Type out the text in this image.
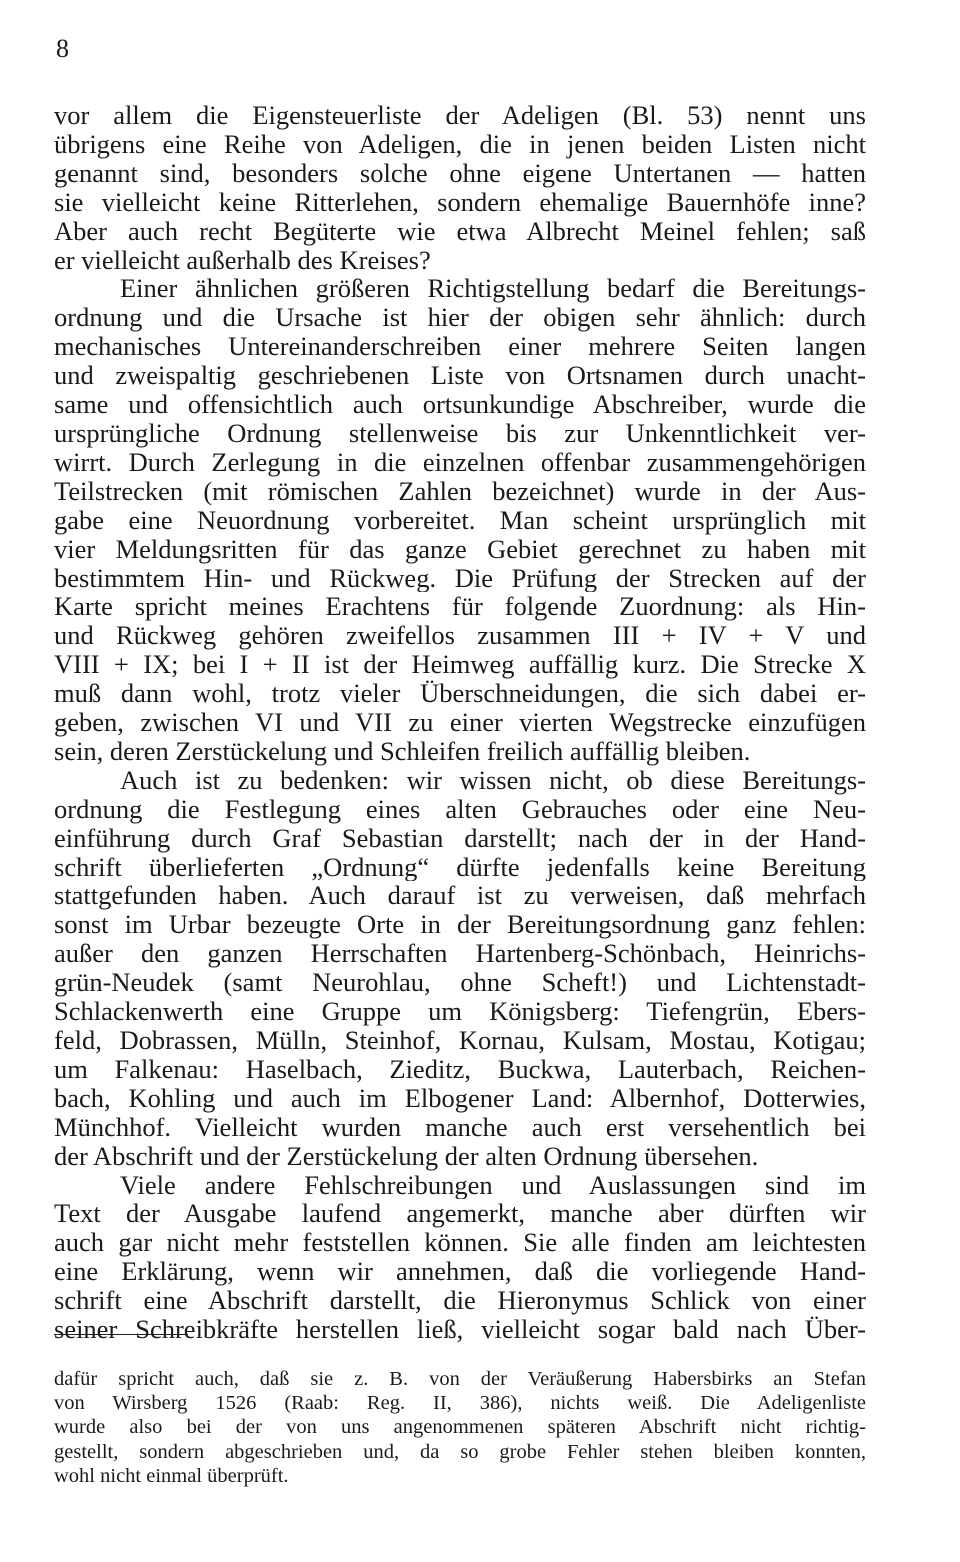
8
vor allem die Eigensteuerliste der Adeligen (Bl. 53) nennt uns
übrigens eine Reihe von Adeligen, die in jenen beiden Listen nicht
genannt sind, besonders solche ohne eigene Untertanen — hatten
sie vielleicht keine Ritterlehen, sondern ehemalige Bauernhöfe inne?
Aber auch recht Begüterte wie etwa Albrecht Meinel fehlen; saß
er vielleicht außerhalb des Kreises?
Einer ähnlichen größeren Richtigstellung bedarf die Bereitungs-
ordnung und die Ursache ist hier der obigen sehr ähnlich: durch
mechanisches Untereinanderschreiben einer mehrere Seiten langen
und zweispaltig geschriebenen Liste von Ortsnamen durch unacht-
same und offensichtlich auch ortsunkundige Abschreiber, wurde die
ursprüngliche Ordnung stellenweise bis zur Unkenntlichkeit ver-
wirrt. Durch Zerlegung in die einzelnen offenbar zusammengehörigen
Teilstrecken (mit römischen Zahlen bezeichnet) wurde in der Aus-
gabe eine Neuordnung vorbereitet. Man scheint ursprünglich mit
vier Meldungsritten für das ganze Gebiet gerechnet zu haben mit
bestimmtem Hin- und Rückweg. Die Prüfung der Strecken auf der
Karte spricht meines Erachtens für folgende Zuordnung: als Hin-
und Rückweg gehören zweifellos zusammen III + IV + V und
VIII + IX; bei I + II ist der Heimweg auffällig kurz. Die Strecke X
muß dann wohl, trotz vieler Überschneidungen, die sich dabei er-
geben, zwischen VI und VII zu einer vierten Wegstrecke einzufügen
sein, deren Zerstückelung und Schleifen freilich auffällig bleiben.
Auch ist zu bedenken: wir wissen nicht, ob diese Bereitungs-
ordnung die Festlegung eines alten Gebrauches oder eine Neu-
einführung durch Graf Sebastian darstellt; nach der in der Hand-
schrift überlieferten „Ordnung“ dürfte jedenfalls keine Bereitung
stattgefunden haben. Auch darauf ist zu verweisen, daß mehrfach
sonst im Urbar bezeugte Orte in der Bereitungsordnung ganz fehlen:
außer den ganzen Herrschaften Hartenberg-Schönbach, Heinrichs-
grün-Neudek (samt Neurohlau, ohne Scheft!) und Lichtenstadt-
Schlackenwerth eine Gruppe um Königsberg: Tiefengrün, Ebers-
feld, Dobrassen, Mülln, Steinhof, Kornau, Kulsam, Mostau, Kotigau;
um Falkenau: Haselbach, Zieditz, Buckwa, Lauterbach, Reichen-
bach, Kohling und auch im Elbogener Land: Albernhof, Dotterwies,
Münchhof. Vielleicht wurden manche auch erst versehentlich bei
der Abschrift und der Zerstückelung der alten Ordnung übersehen.
Viele andere Fehlschreibungen und Auslassungen sind im
Text der Ausgabe laufend angemerkt, manche aber dürften wir
auch gar nicht mehr feststellen können. Sie alle finden am leichtesten
eine Erklärung, wenn wir annehmen, daß die vorliegende Hand-
schrift eine Abschrift darstellt, die Hieronymus Schlick von einer
seiner Schreibkräfte herstellen ließ, vielleicht sogar bald nach Über-
dafür spricht auch, daß sie z. B. von der Veräußerung Habersbirks an Stefan
von Wirsberg 1526 (Raab: Reg. II, 386), nichts weiß. Die Adeligenliste
wurde also bei der von uns angenommenen späteren Abschrift nicht richtig-
gestellt, sondern abgeschrieben und, da so grobe Fehler stehen bleiben konnten,
wohl nicht einmal überprüft.
